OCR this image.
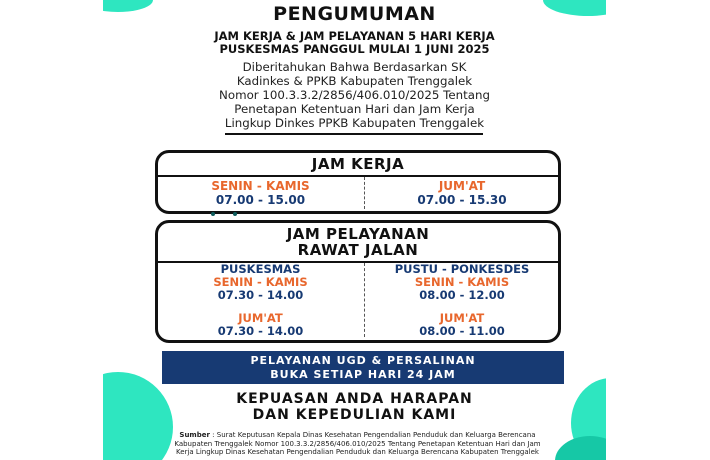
PENGUMUMAN
JAM KERJA & JAM PELAYANAN 5 HARI KERJA
PUSKESMAS PANGGUL MULAI 1 JUNI 2025
Diberitahukan Bahwa Berdasarkan SK
Kadinkes & PPKB Kabupaten Trenggalek
Nomor 100.3.3.2/2856/406.010/2025 Tentang
Penetapan Ketentuan Hari dan Jam Kerja
Lingkup Dinkes PPKB Kabupaten Trenggalek
JAM KERJA
SENIN - KAMIS
07.00 - 15.00
JUM'AT
07.00 - 15.30
JAM PELAYANAN
RAWAT JALAN
PUSKESMAS
SENIN - KAMIS
07.30 - 14.00
JUM'AT
07.30 - 14.00
PUSTU - PONKESDES
SENIN - KAMIS
08.00 - 12.00
JUM'AT
08.00 - 11.00
PELAYANAN UGD & PERSALINAN
BUKA SETIAP HARI 24 JAM
KEPUASAN ANDA HARAPAN
DAN KEPEDULIAN KAMI
Sumber : Surat Keputusan Kepala Dinas Kesehatan Pengendalian Penduduk dan Keluarga Berencana Kabupaten Trenggalek Nomor 100.3.3.2/2856/406.010/2025 Tentang Penetapan Ketentuan Hari dan Jam Kerja Lingkup Dinas Kesehatan Pengendalian Penduduk dan Keluarga Berencana Kabupaten Trenggalek
